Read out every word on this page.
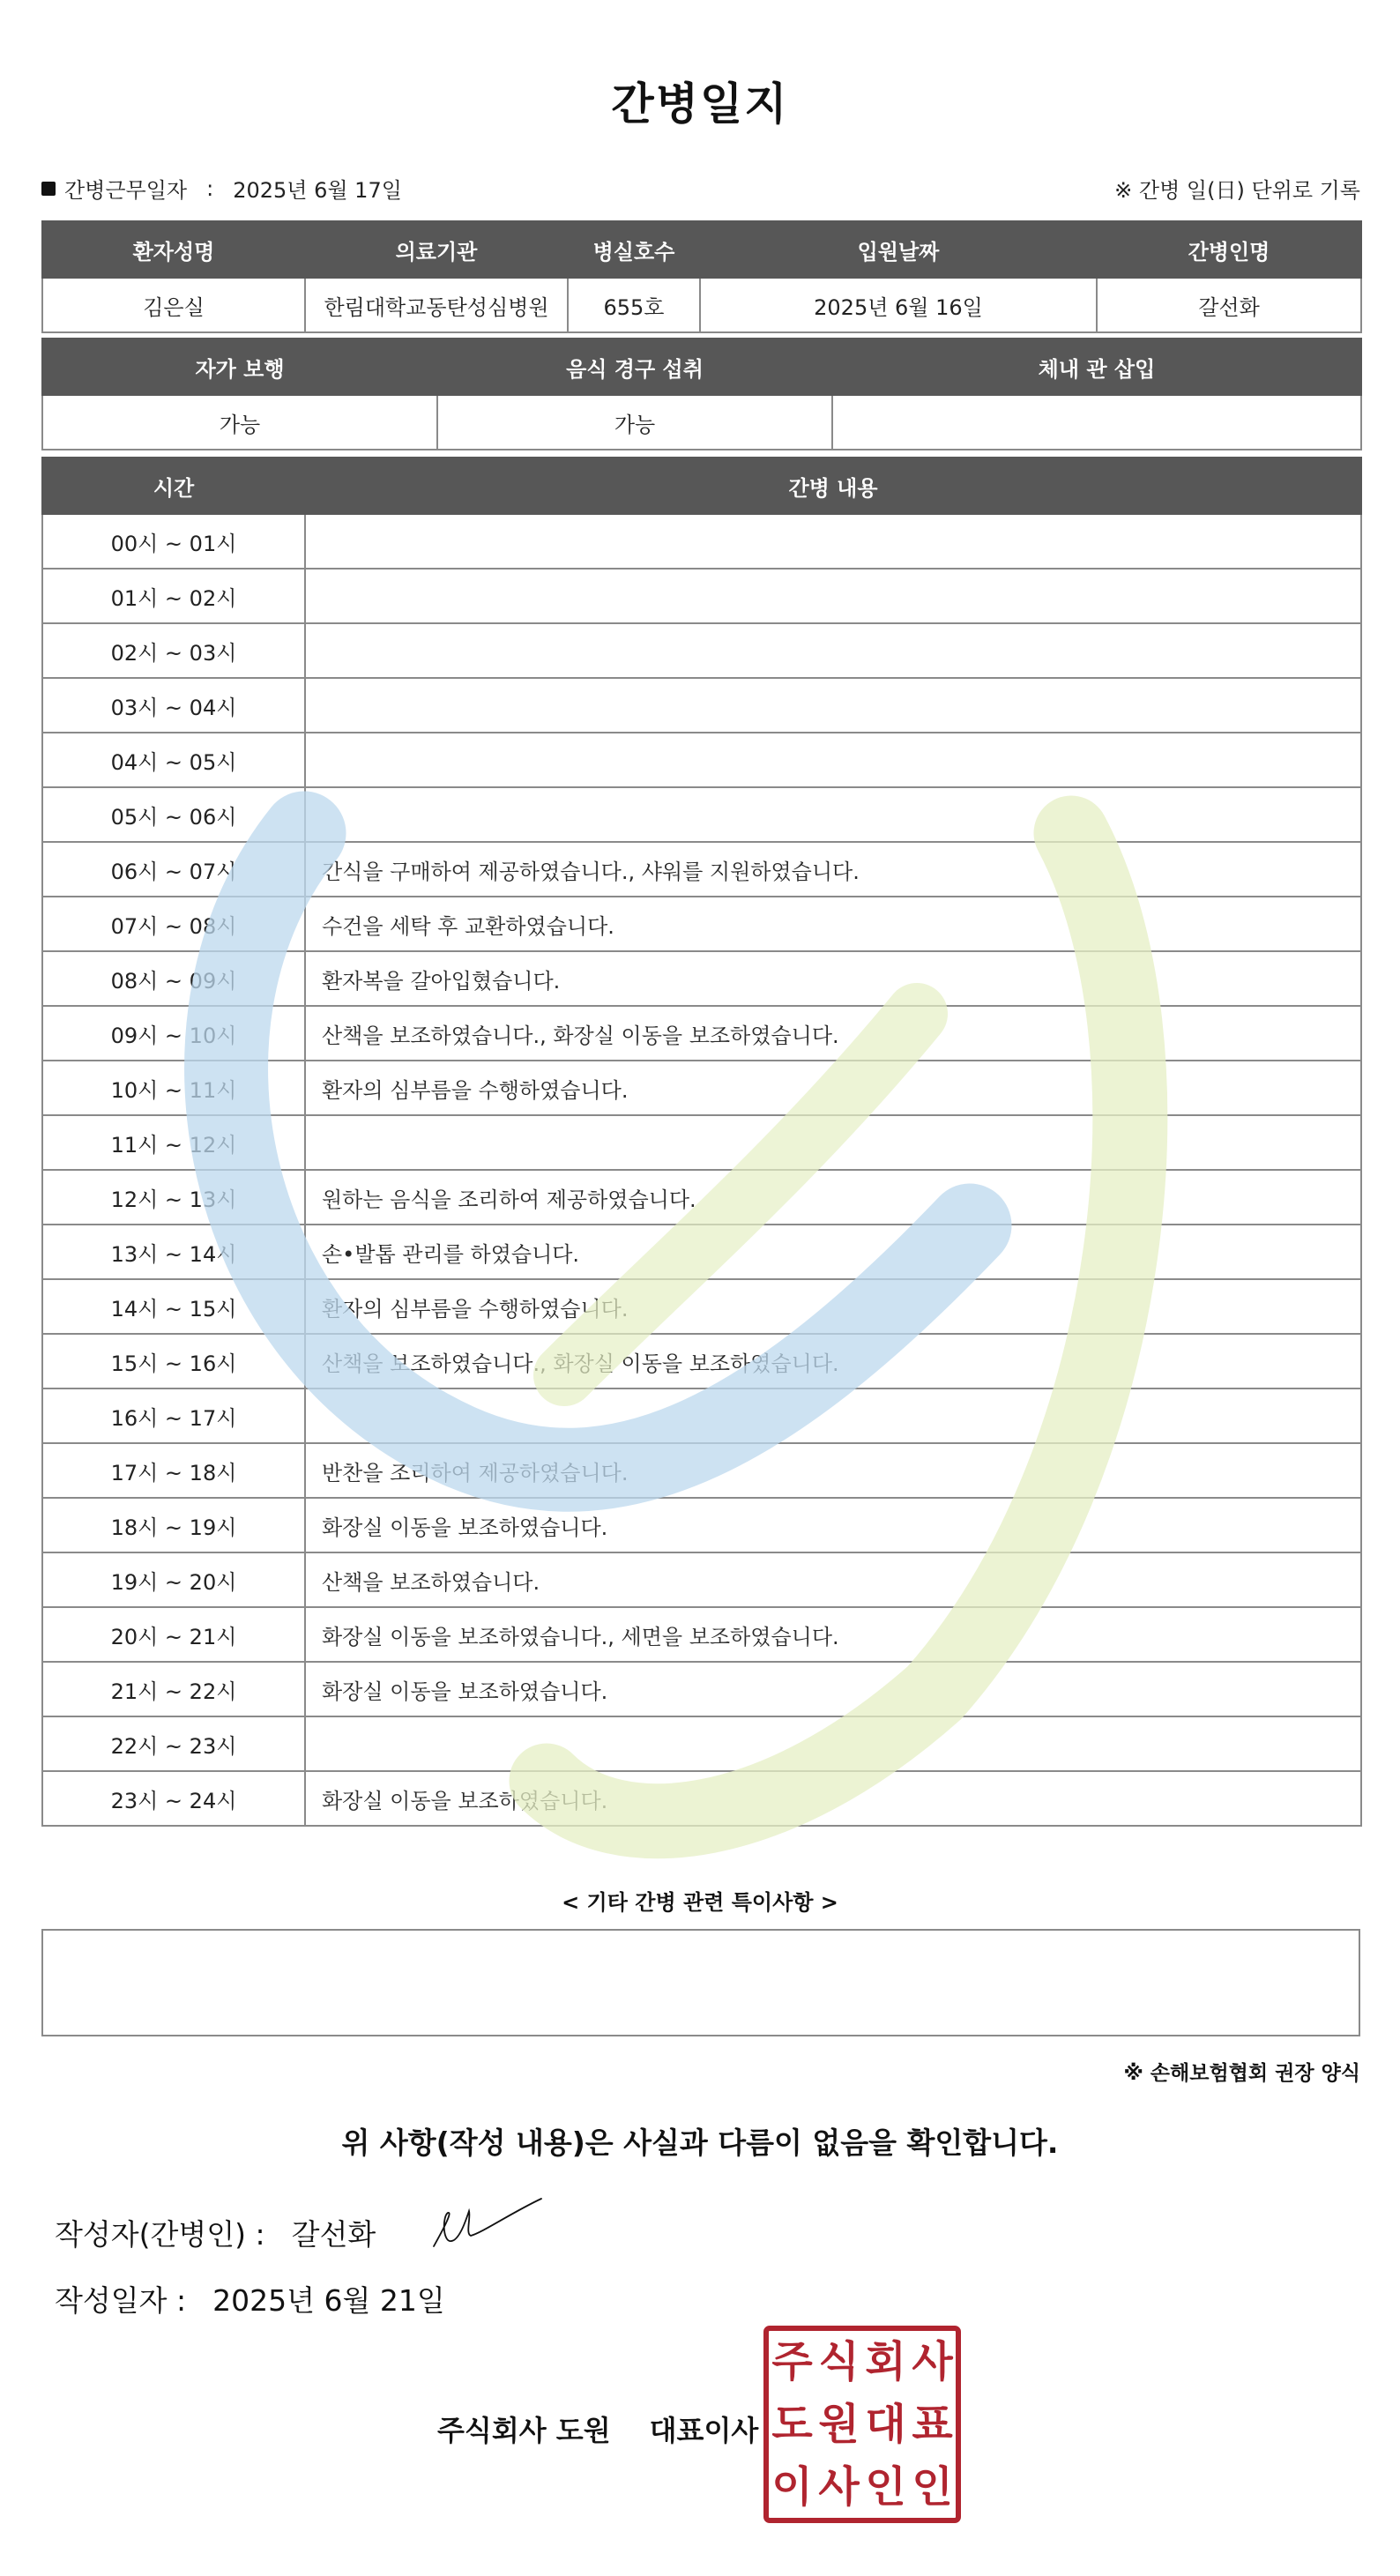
간병일지
간병근무일자 : 2025년 6월 17일	※ 간병 일(日) 단위로 기록
환자성명	의료기관	병실호수	입원날짜	간병인명
김은실	한림대학교동탄성심병원	655호	2025년 6월 16일	갈선화
자가 보행	음식 경구 섭취	체내 관 삽입
가능	가능	
시간	간병 내용
00시 ~ 01시	
01시 ~ 02시	
02시 ~ 03시	
03시 ~ 04시	
04시 ~ 05시	
05시 ~ 06시	
06시 ~ 07시	간식을 구매하여 제공하였습니다., 샤워를 지원하였습니다.
07시 ~ 08시	수건을 세탁 후 교환하였습니다.
08시 ~ 09시	환자복을 갈아입혔습니다.
09시 ~ 10시	산책을 보조하였습니다., 화장실 이동을 보조하였습니다.
10시 ~ 11시	환자의 심부름을 수행하였습니다.
11시 ~ 12시	
12시 ~ 13시	원하는 음식을 조리하여 제공하였습니다.
13시 ~ 14시	손•발톱 관리를 하였습니다.
14시 ~ 15시	환자의 심부름을 수행하였습니다.
15시 ~ 16시	산책을 보조하였습니다., 화장실 이동을 보조하였습니다.
16시 ~ 17시	
17시 ~ 18시	반찬을 조리하여 제공하였습니다.
18시 ~ 19시	화장실 이동을 보조하였습니다.
19시 ~ 20시	산책을 보조하였습니다.
20시 ~ 21시	화장실 이동을 보조하였습니다., 세면을 보조하였습니다.
21시 ~ 22시	화장실 이동을 보조하였습니다.
22시 ~ 23시	
23시 ~ 24시	화장실 이동을 보조하였습니다.
< 기타 간병 관련 특이사항 >
※ 손해보험협회 권장 양식
위 사항(작성 내용)은 사실과 다름이 없음을 확인합니다.
작성자(간병인) : 갈선화
작성일자 : 2025년 6월 21일
주식회사 도원 대표이사
주 식 회 사
도 원 대 표
이 사 인 인
